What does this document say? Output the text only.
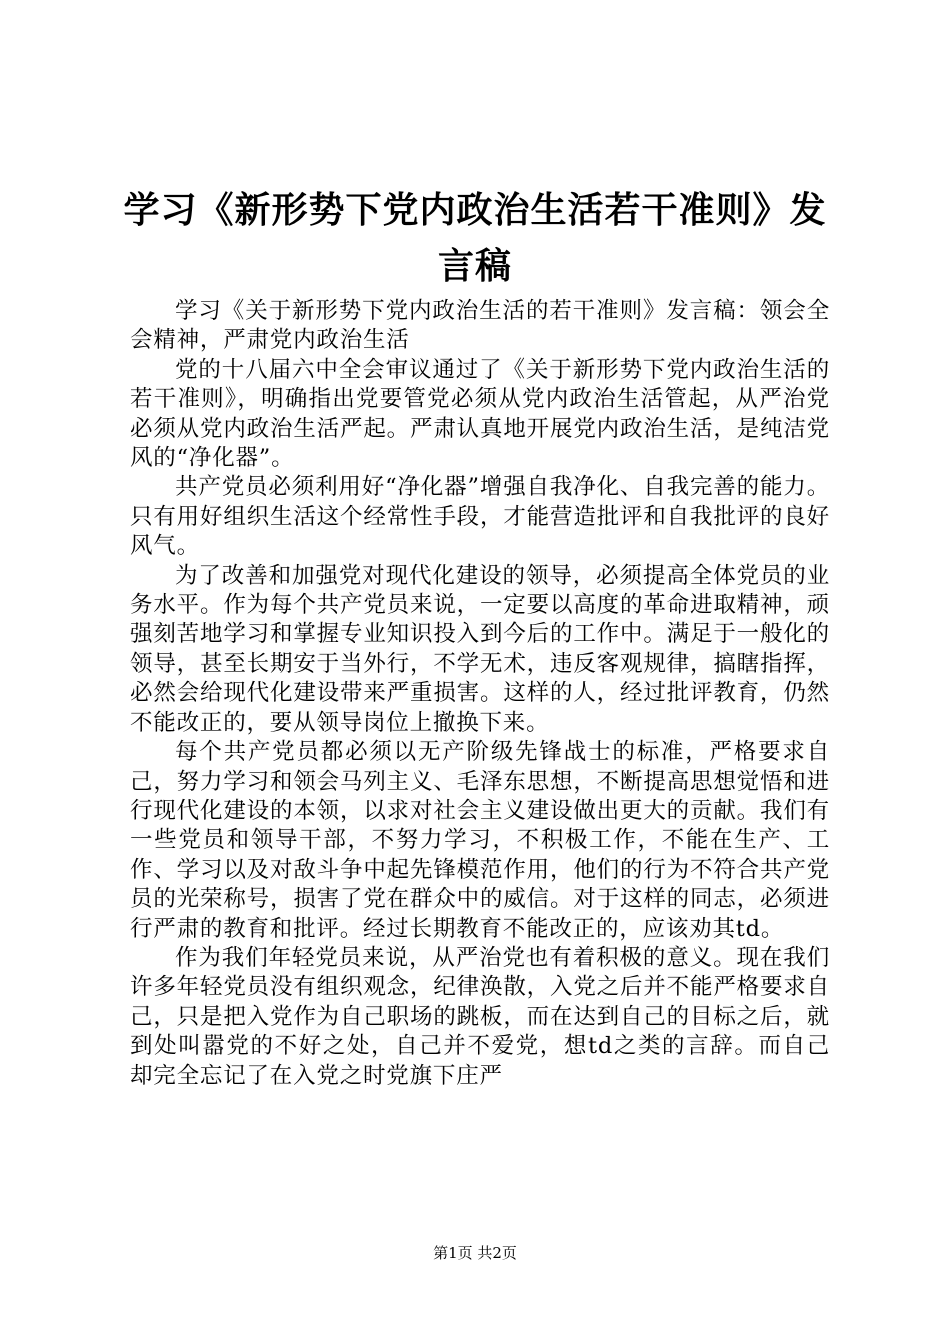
学习《新形势下党内政治生活若干准则》发言稿

学习《关于新形势下党内政治生活的若干准则》发言稿：领会全会精神，严肃党内政治生活

党的十八届六中全会审议通过了《关于新形势下党内政治生活的若干准则》，明确指出党要管党必须从党内政治生活管起，从严治党必须从党内政治生活严起。严肃认真地开展党内政治生活，是纯洁党风的“净化器”。

共产党员必须利用好“净化器”增强自我净化、自我完善的能力。只有用好组织生活这个经常性手段，才能营造批评和自我批评的良好风气。

为了改善和加强党对现代化建设的领导，必须提高全体党员的业务水平。作为每个共产党员来说，一定要以高度的革命进取精神，顽强刻苦地学习和掌握专业知识投入到今后的工作中。满足于一般化的领导，甚至长期安于当外行，不学无术，违反客观规律，搞瞎指挥，必然会给现代化建设带来严重损害。这样的人，经过批评教育，仍然不能改正的，要从领导岗位上撤换下来。

每个共产党员都必须以无产阶级先锋战士的标准，严格要求自己，努力学习和领会马列主义、毛泽东思想，不断提高思想觉悟和进行现代化建设的本领，以求对社会主义建设做出更大的贡献。我们有一些党员和领导干部，不努力学习，不积极工作，不能在生产、工作、学习以及对敌斗争中起先锋模范作用，他们的行为不符合共产党员的光荣称号，损害了党在群众中的威信。对于这样的同志，必须进行严肃的教育和批评。经过长期教育不能改正的，应该劝其td。

作为我们年轻党员来说，从严治党也有着积极的意义。现在我们许多年轻党员没有组织观念，纪律涣散，入党之后并不能严格要求自己，只是把入党作为自己职场的跳板，而在达到自己的目标之后，就到处叫嚣党的不好之处，自己并不爱党，想td之类的言辞。而自己却完全忘记了在入党之时党旗下庄严

第1页 共2页
